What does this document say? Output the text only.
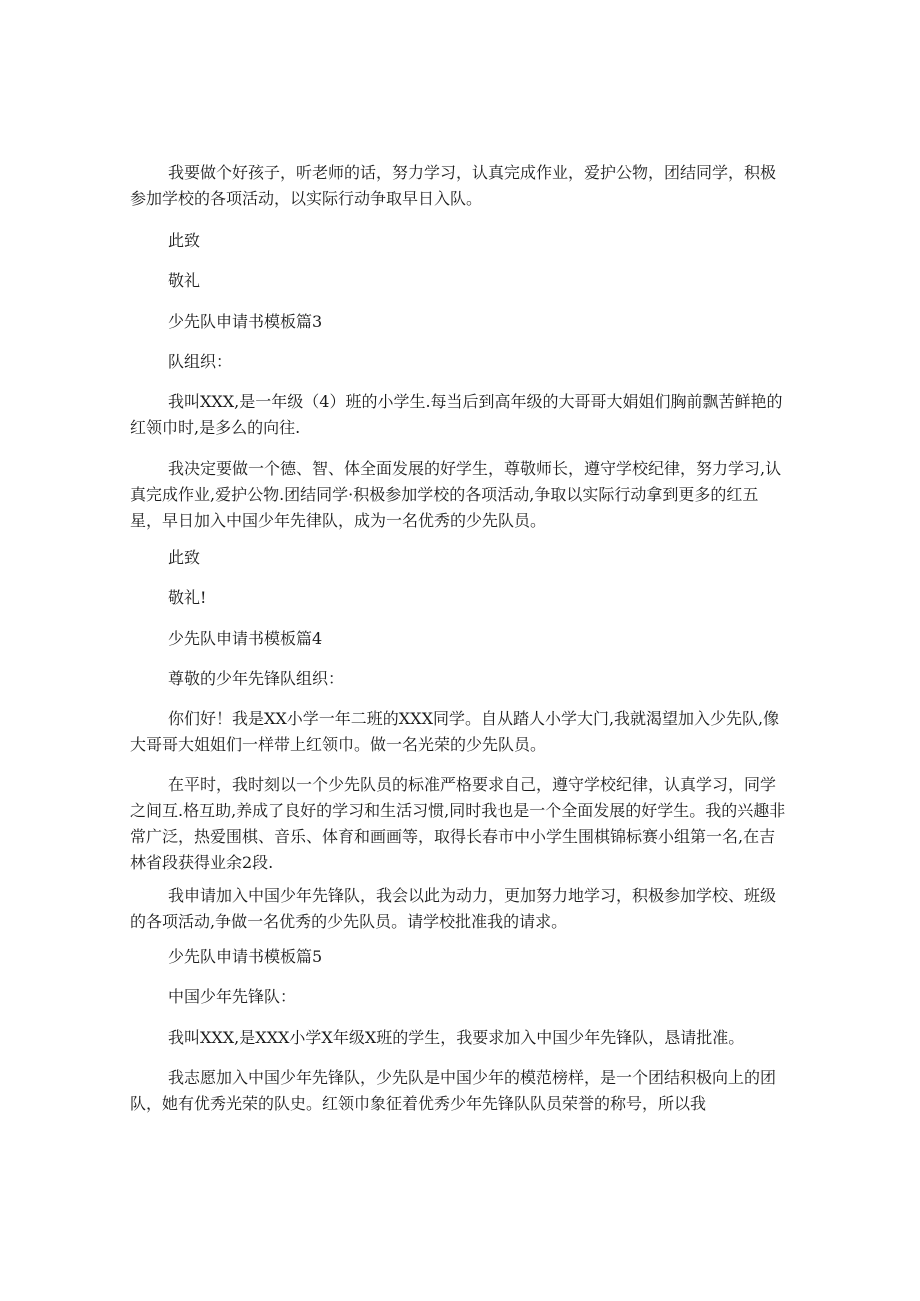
我要做个好孩子，听老师的话，努力学习，认真完成作业，爱护公物，团结同学，积极参加学校的各项活动，以实际行动争取早日入队。

此致

敬礼

少先队申请书模板篇3

队组织：

我叫XXX,是一年级（4）班的小学生.每当后到高年级的大哥哥大娟姐们胸前飘苦鲜艳的红领巾时,是多么的向往.

我决定要做一个德、智、体全面发展的好学生，尊敬师长，遵守学校纪律，努力学习,认真完成作业,爱护公物.团结同学·积极参加学校的各项活动,争取以实际行动拿到更多的红五星，早日加入中国少年先律队，成为一名优秀的少先队员。

此致

敬礼!

少先队申请书模板篇4

尊敬的少年先锋队组织：

你们好！我是XX小学一年二班的XXX同学。自从踏人小学大门,我就渴望加入少先队,像大哥哥大姐姐们一样带上红领巾。做一名光荣的少先队员。

在平时，我时刻以一个少先队员的标准严格要求自己，遵守学校纪律，认真学习，同学之间互.格互助,养成了良好的学习和生活习惯,同时我也是一个全面发展的好学生。我的兴趣非常广泛，热爱围棋、音乐、体育和画画等，取得长春市中小学生围棋锦标赛小组第一名,在吉林省段获得业余2段.

我申请加入中国少年先锋队，我会以此为动力，更加努力地学习，积极参加学校、班级的各项活动,争做一名优秀的少先队员。请学校批准我的请求。

少先队申请书模板篇5

中国少年先锋队：

我叫XXX,是XXX小学X年级X班的学生，我要求加入中国少年先锋队，恳请批准。

我志愿加入中国少年先锋队，少先队是中国少年的模范榜样，是一个团结积极向上的团队，她有优秀光荣的队史。红领巾象征着优秀少年先锋队队员荣誉的称号，所以我
